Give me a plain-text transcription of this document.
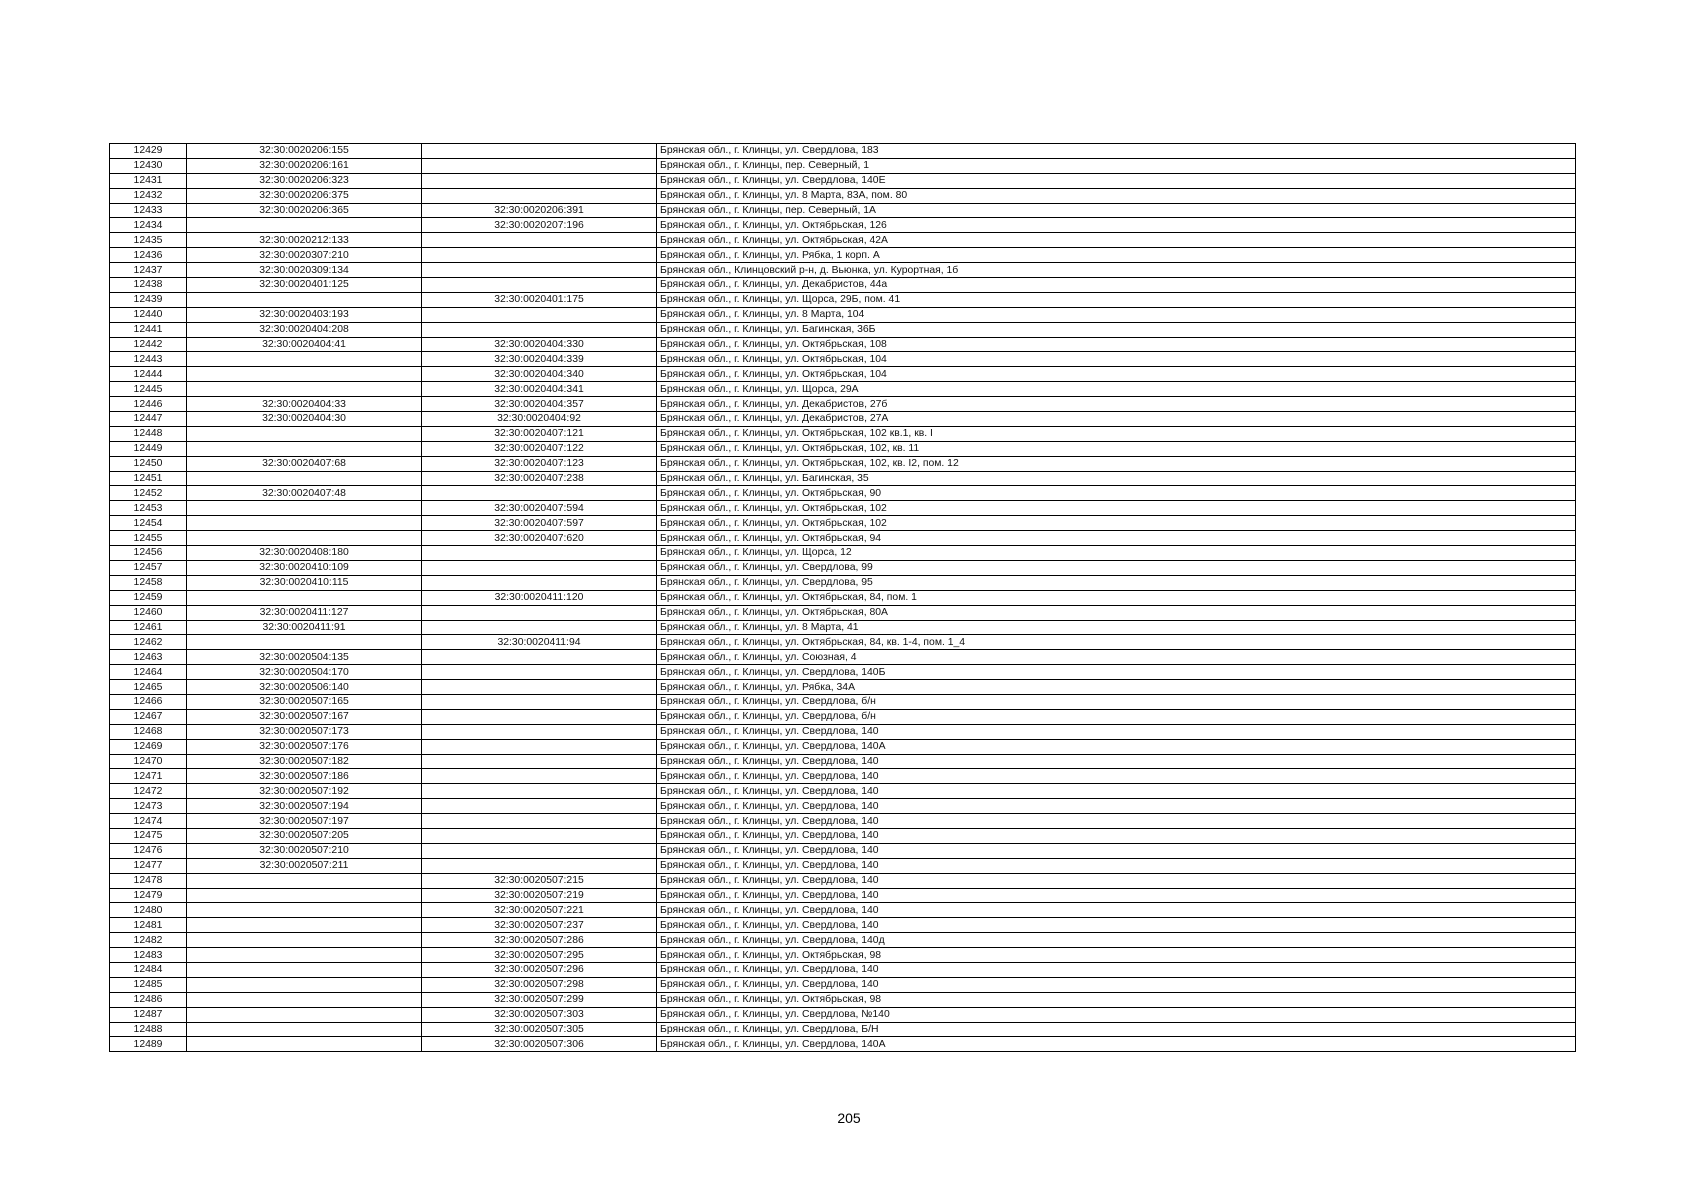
12429	32:30:0020206:155		Брянская обл., г. Клинцы, ул. Свердлова, 183
12430	32:30:0020206:161		Брянская обл., г. Клинцы, пер. Северный, 1
12431	32:30:0020206:323		Брянская обл., г. Клинцы, ул. Свердлова, 140Е
12432	32:30:0020206:375		Брянская обл., г. Клинцы, ул. 8 Марта, 83А, пом. 80
12433	32:30:0020206:365	32:30:0020206:391	Брянская обл., г. Клинцы, пер. Северный, 1А
12434		32:30:0020207:196	Брянская обл., г. Клинцы, ул. Октябрьская, 126
12435	32:30:0020212:133		Брянская обл., г. Клинцы, ул. Октябрьская, 42А
12436	32:30:0020307:210		Брянская обл., г. Клинцы, ул. Рябка, 1 корп. А
12437	32:30:0020309:134		Брянская обл., Клинцовский р-н, д. Вьюнка, ул. Курортная, 1б
12438	32:30:0020401:125		Брянская обл., г. Клинцы, ул. Декабристов, 44а
12439		32:30:0020401:175	Брянская обл., г. Клинцы, ул. Щорса, 29Б, пом. 41
12440	32:30:0020403:193		Брянская обл., г. Клинцы, ул. 8 Марта, 104
12441	32:30:0020404:208		Брянская обл., г. Клинцы, ул. Багинская, 36Б
12442	32:30:0020404:41	32:30:0020404:330	Брянская обл., г. Клинцы, ул. Октябрьская, 108
12443		32:30:0020404:339	Брянская обл., г. Клинцы, ул. Октябрьская, 104
12444		32:30:0020404:340	Брянская обл., г. Клинцы, ул. Октябрьская, 104
12445		32:30:0020404:341	Брянская обл., г. Клинцы, ул. Щорса, 29А
12446	32:30:0020404:33	32:30:0020404:357	Брянская обл., г. Клинцы, ул. Декабристов, 27б
12447	32:30:0020404:30	32:30:0020404:92	Брянская обл., г. Клинцы, ул. Декабристов, 27А
12448		32:30:0020407:121	Брянская обл., г. Клинцы, ул. Октябрьская, 102 кв.1, кв. I
12449		32:30:0020407:122	Брянская обл., г. Клинцы, ул. Октябрьская, 102, кв. 11
12450	32:30:0020407:68	32:30:0020407:123	Брянская обл., г. Клинцы, ул. Октябрьская, 102, кв. I2, пом. 12
12451		32:30:0020407:238	Брянская обл., г. Клинцы, ул. Багинская, 35
12452	32:30:0020407:48		Брянская обл., г. Клинцы, ул. Октябрьская, 90
12453		32:30:0020407:594	Брянская обл., г. Клинцы, ул. Октябрьская, 102
12454		32:30:0020407:597	Брянская обл., г. Клинцы, ул. Октябрьская, 102
12455		32:30:0020407:620	Брянская обл., г. Клинцы, ул. Октябрьская, 94
12456	32:30:0020408:180		Брянская обл., г. Клинцы, ул. Щорса, 12
12457	32:30:0020410:109		Брянская обл., г. Клинцы, ул. Свердлова, 99
12458	32:30:0020410:115		Брянская обл., г. Клинцы, ул. Свердлова, 95
12459		32:30:0020411:120	Брянская обл., г. Клинцы, ул. Октябрьская, 84, пом. 1
12460	32:30:0020411:127		Брянская обл., г. Клинцы, ул. Октябрьская, 80А
12461	32:30:0020411:91		Брянская обл., г. Клинцы, ул. 8 Марта, 41
12462		32:30:0020411:94	Брянская обл., г. Клинцы, ул. Октябрьская, 84, кв. 1-4, пом. 1_4
12463	32:30:0020504:135		Брянская обл., г. Клинцы, ул. Союзная, 4
12464	32:30:0020504:170		Брянская обл., г. Клинцы, ул. Свердлова, 140Б
12465	32:30:0020506:140		Брянская обл., г. Клинцы, ул. Рябка, 34А
12466	32:30:0020507:165		Брянская обл., г. Клинцы, ул. Свердлова, б/н
12467	32:30:0020507:167		Брянская обл., г. Клинцы, ул. Свердлова, б/н
12468	32:30:0020507:173		Брянская обл., г. Клинцы, ул. Свердлова, 140
12469	32:30:0020507:176		Брянская обл., г. Клинцы, ул. Свердлова, 140А
12470	32:30:0020507:182		Брянская обл., г. Клинцы, ул. Свердлова, 140
12471	32:30:0020507:186		Брянская обл., г. Клинцы, ул. Свердлова, 140
12472	32:30:0020507:192		Брянская обл., г. Клинцы, ул. Свердлова, 140
12473	32:30:0020507:194		Брянская обл., г. Клинцы, ул. Свердлова, 140
12474	32:30:0020507:197		Брянская обл., г. Клинцы, ул. Свердлова, 140
12475	32:30:0020507:205		Брянская обл., г. Клинцы, ул. Свердлова, 140
12476	32:30:0020507:210		Брянская обл., г. Клинцы, ул. Свердлова, 140
12477	32:30:0020507:211		Брянская обл., г. Клинцы, ул. Свердлова, 140
12478		32:30:0020507:215	Брянская обл., г. Клинцы, ул. Свердлова, 140
12479		32:30:0020507:219	Брянская обл., г. Клинцы, ул. Свердлова, 140
12480		32:30:0020507:221	Брянская обл., г. Клинцы, ул. Свердлова, 140
12481		32:30:0020507:237	Брянская обл., г. Клинцы, ул. Свердлова, 140
12482		32:30:0020507:286	Брянская обл., г. Клинцы, ул. Свердлова, 140д
12483		32:30:0020507:295	Брянская обл., г. Клинцы, ул. Октябрьская, 98
12484		32:30:0020507:296	Брянская обл., г. Клинцы, ул. Свердлова, 140
12485		32:30:0020507:298	Брянская обл., г. Клинцы, ул. Свердлова, 140
12486		32:30:0020507:299	Брянская обл., г. Клинцы, ул. Октябрьская, 98
12487		32:30:0020507:303	Брянская обл., г. Клинцы, ул. Свердлова, №140
12488		32:30:0020507:305	Брянская обл., г. Клинцы, ул. Свердлова, Б/Н
12489		32:30:0020507:306	Брянская обл., г. Клинцы, ул. Свердлова, 140А
205
